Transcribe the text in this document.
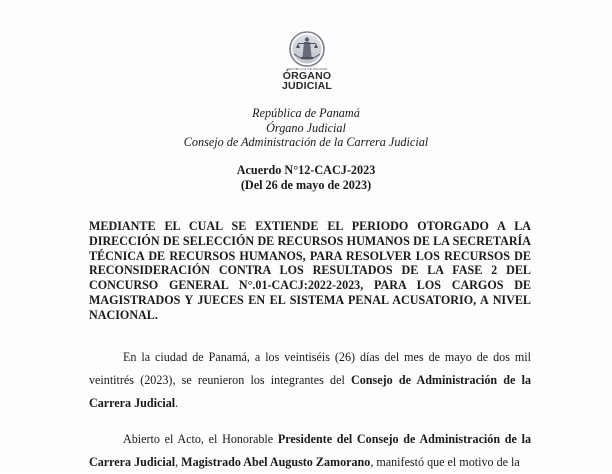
REPÚBLICA DE PANAMÁ
ÓRGANO
JUDICIAL
República de Panamá
Órgano Judicial
Consejo de Administración de la Carrera Judicial
Acuerdo N°12-CACJ-2023
(Del 26 de mayo de 2023)
MEDIANTE EL CUAL SE EXTIENDE EL PERIODO OTORGADO A LA DIRECCIÓN DE SELECCIÓN DE RECURSOS HUMANOS DE LA SECRETARÍA TÉCNICA DE RECURSOS HUMANOS, PARA RESOLVER LOS RECURSOS DE RECONSIDERACIÓN CONTRA LOS RESULTADOS DE LA FASE 2 DEL CONCURSO GENERAL N°.01-CACJ:2022-2023, PARA LOS CARGOS DE MAGISTRADOS Y JUECES EN EL SISTEMA PENAL ACUSATORIO, A NIVEL NACIONAL.
En la ciudad de Panamá, a los veintiséis (26) días del mes de mayo de dos mil veintitrés (2023), se reunieron los integrantes del Consejo de Administración de la Carrera Judicial.
Abierto el Acto, el Honorable Presidente del Consejo de Administración de la Carrera Judicial, Magistrado Abel Augusto Zamorano, manifestó que el motivo de la
